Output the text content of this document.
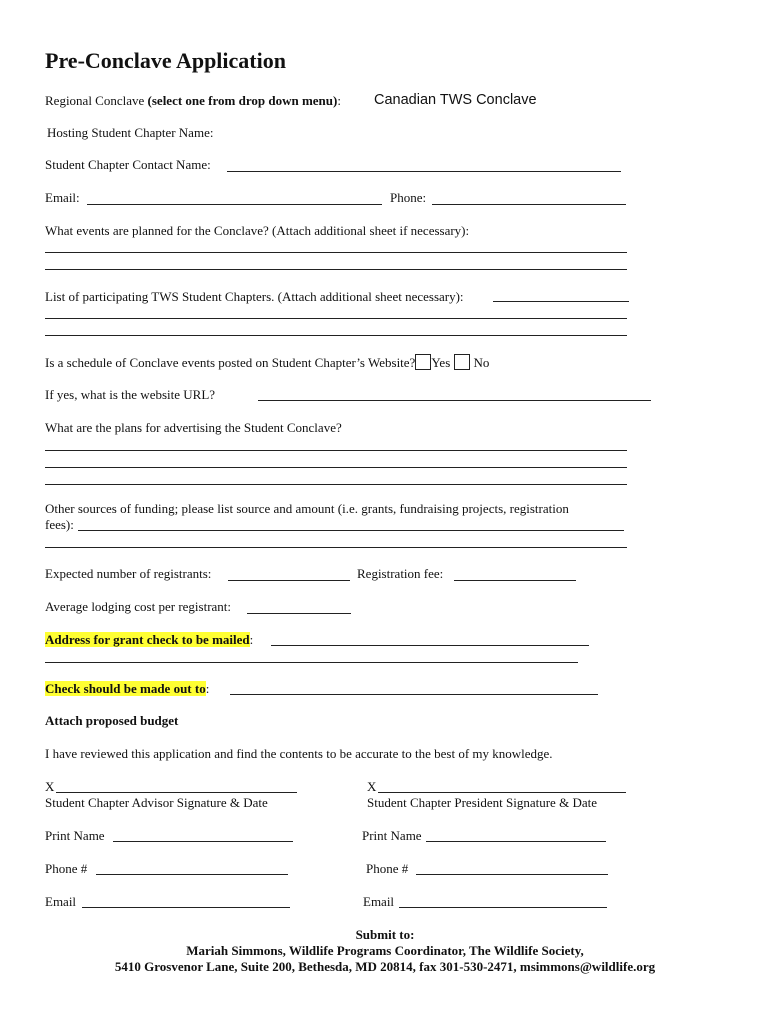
Pre-Conclave Application
Regional Conclave (select one from drop down menu): Canadian TWS Conclave
Hosting Student Chapter Name:
Student Chapter Contact Name:
Email:	Phone:
What events are planned for the Conclave? (Attach additional sheet if necessary):
List of participating TWS Student Chapters. (Attach additional sheet necessary):
Is a schedule of Conclave events posted on Student Chapter’s Website? Yes No
If yes, what is the website URL?
What are the plans for advertising the Student Conclave?
Other sources of funding; please list source and amount (i.e. grants, fundraising projects, registration
fees):
Expected number of registrants:	Registration fee:
Average lodging cost per registrant:
Address for grant check to be mailed:
Check should be made out to:
Attach proposed budget
I have reviewed this application and find the contents to be accurate to the best of my knowledge.
X
Student Chapter Advisor Signature & Date
X
Student Chapter President Signature & Date
Print Name	Print Name
Phone #	Phone #
Email	Email
Submit to:
Mariah Simmons, Wildlife Programs Coordinator, The Wildlife Society,
5410 Grosvenor Lane, Suite 200, Bethesda, MD 20814, fax 301-530-2471, msimmons@wildlife.org
